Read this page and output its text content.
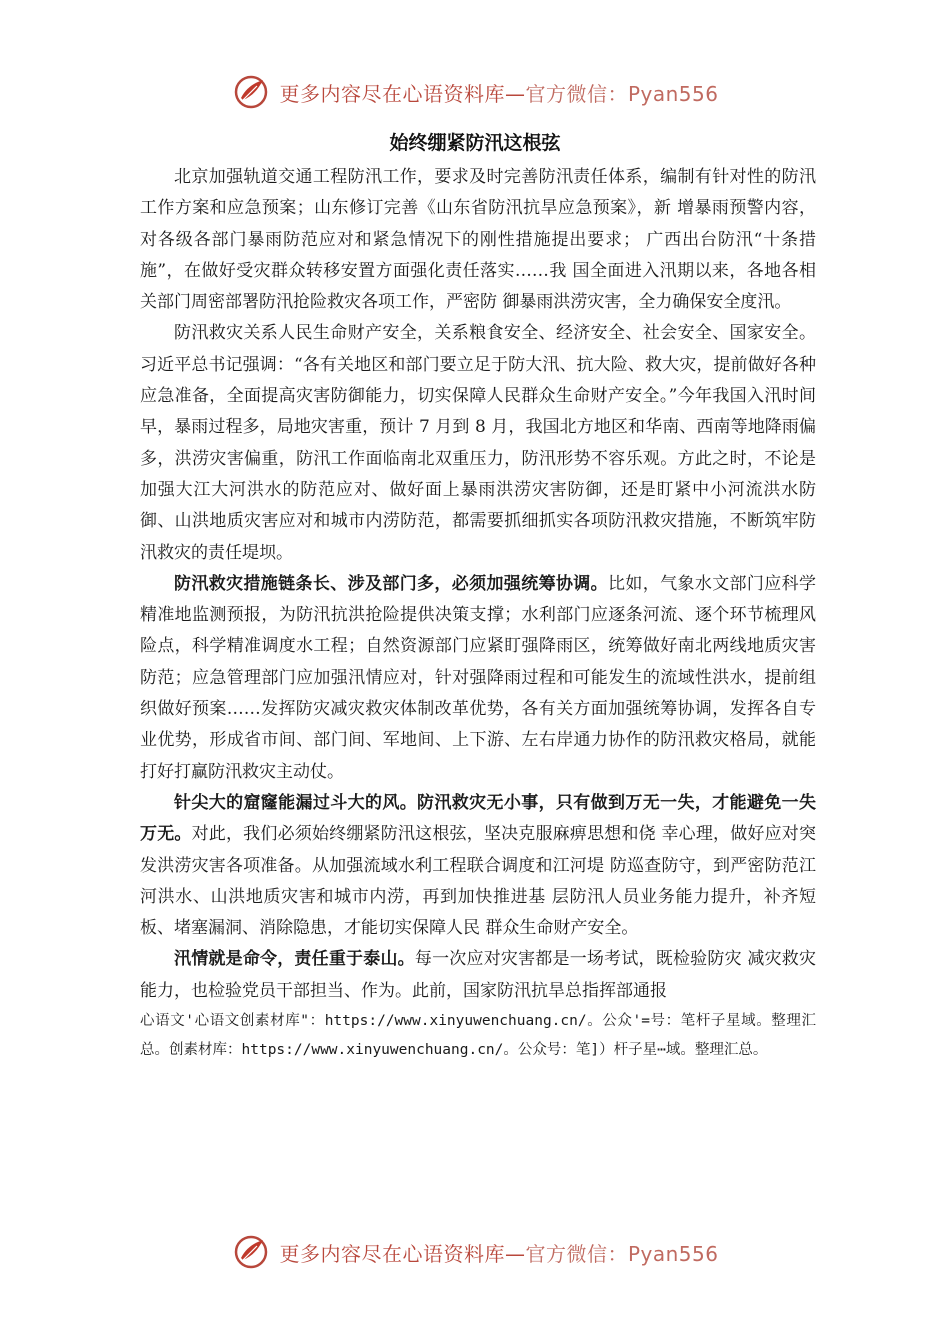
更多内容尽在心语资料库—官方微信：Pyan556
始终绷紧防汛这根弦

北京加强轨道交通工程防汛工作，要求及时完善防汛责任体系，编制有针对性的防汛工作方案和应急预案；山东修订完善《山东省防汛抗旱应急预案》，新 增暴雨预警内容，对各级各部门暴雨防范应对和紧急情况下的刚性措施提出要求； 广西出台防汛“十条措施”，在做好受灾群众转移安置方面强化责任落实……我 国全面进入汛期以来，各地各相关部门周密部署防汛抢险救灾各项工作，严密防 御暴雨洪涝灾害，全力确保安全度汛。

防汛救灾关系人民生命财产安全，关系粮食安全、经济安全、社会安全、国家安全。习近平总书记强调：“各有关地区和部门要立足于防大汛、抗大险、救大灾，提前做好各种应急准备，全面提高灾害防御能力，切实保障人民群众生命财产安全。”今年我国入汛时间早，暴雨过程多，局地灾害重，预计 7 月到 8 月，我国北方地区和华南、西南等地降雨偏多，洪涝灾害偏重，防汛工作面临南北双重压力，防汛形势不容乐观。方此之时，不论是加强大江大河洪水的防范应对、做好面上暴雨洪涝灾害防御，还是盯紧中小河流洪水防御、山洪地质灾害应对和城市内涝防范，都需要抓细抓实各项防汛救灾措施，不断筑牢防汛救灾的责任堤坝。

防汛救灾措施链条长、涉及部门多，必须加强统筹协调。比如，气象水文部门应科学精准地监测预报，为防汛抗洪抢险提供决策支撑；水利部门应逐条河流、逐个环节梳理风险点，科学精准调度水工程；自然资源部门应紧盯强降雨区，统筹做好南北两线地质灾害防范；应急管理部门应加强汛情应对，针对强降雨过程和可能发生的流域性洪水，提前组织做好预案……发挥防灾减灾救灾体制改革优势，各有关方面加强统筹协调，发挥各自专业优势，形成省市间、部门间、军地间、上下游、左右岸通力协作的防汛救灾格局，就能打好打赢防汛救灾主动仗。

针尖大的窟窿能漏过斗大的风。防汛救灾无小事，只有做到万无一失，才能避免一失万无。对此，我们必须始终绷紧防汛这根弦，坚决克服麻痹思想和侥 幸心理，做好应对突发洪涝灾害各项准备。从加强流域水利工程联合调度和江河堤 防巡查防守，到严密防范江河洪水、山洪地质灾害和城市内涝，再到加快推进基 层防汛人员业务能力提升，补齐短板、堵塞漏洞、消除隐患，才能切实保障人民 群众生命财产安全。

汛情就是命令，责任重于泰山。每一次应对灾害都是一场考试，既检验防灾 减灾救灾能力，也检验党员干部担当、作为。此前，国家防汛抗旱总指挥部通报

心语文'心语文创素材库"：https://www.xinyuwenchuang.cn/。公众'=号：笔杆子星域。整理汇总。创素材库：https://www.xinyuwenchuang.cn/。公众号：笔]）杆子星⋯域。整理汇总。

更多内容尽在心语资料库—官方微信：Pyan556
